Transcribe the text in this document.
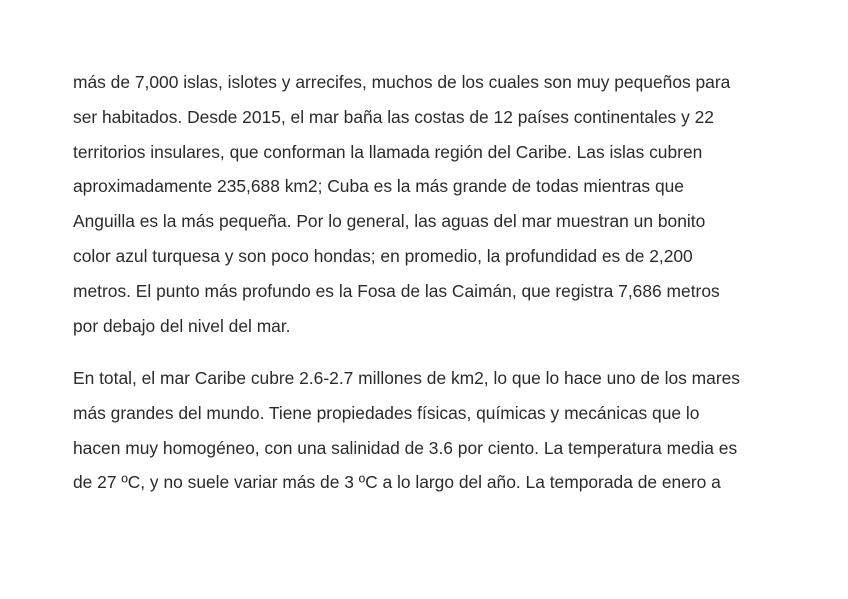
más de 7,000 islas, islotes y arrecifes, muchos de los cuales son muy pequeños para
ser habitados. Desde 2015, el mar baña las costas de 12 países continentales y 22
territorios insulares, que conforman la llamada región del Caribe. Las islas cubren
aproximadamente 235,688 km2; Cuba es la más grande de todas mientras que
Anguilla es la más pequeña. Por lo general, las aguas del mar muestran un bonito
color azul turquesa y son poco hondas; en promedio, la profundidad es de 2,200
metros. El punto más profundo es la Fosa de las Caimán, que registra 7,686 metros
por debajo del nivel del mar.

En total, el mar Caribe cubre 2.6-2.7 millones de km2, lo que lo hace uno de los mares
más grandes del mundo. Tiene propiedades físicas, químicas y mecánicas que lo
hacen muy homogéneo, con una salinidad de 3.6 por ciento. La temperatura media es
de 27 ºC, y no suele variar más de 3 ºC a lo largo del año. La temporada de enero a
